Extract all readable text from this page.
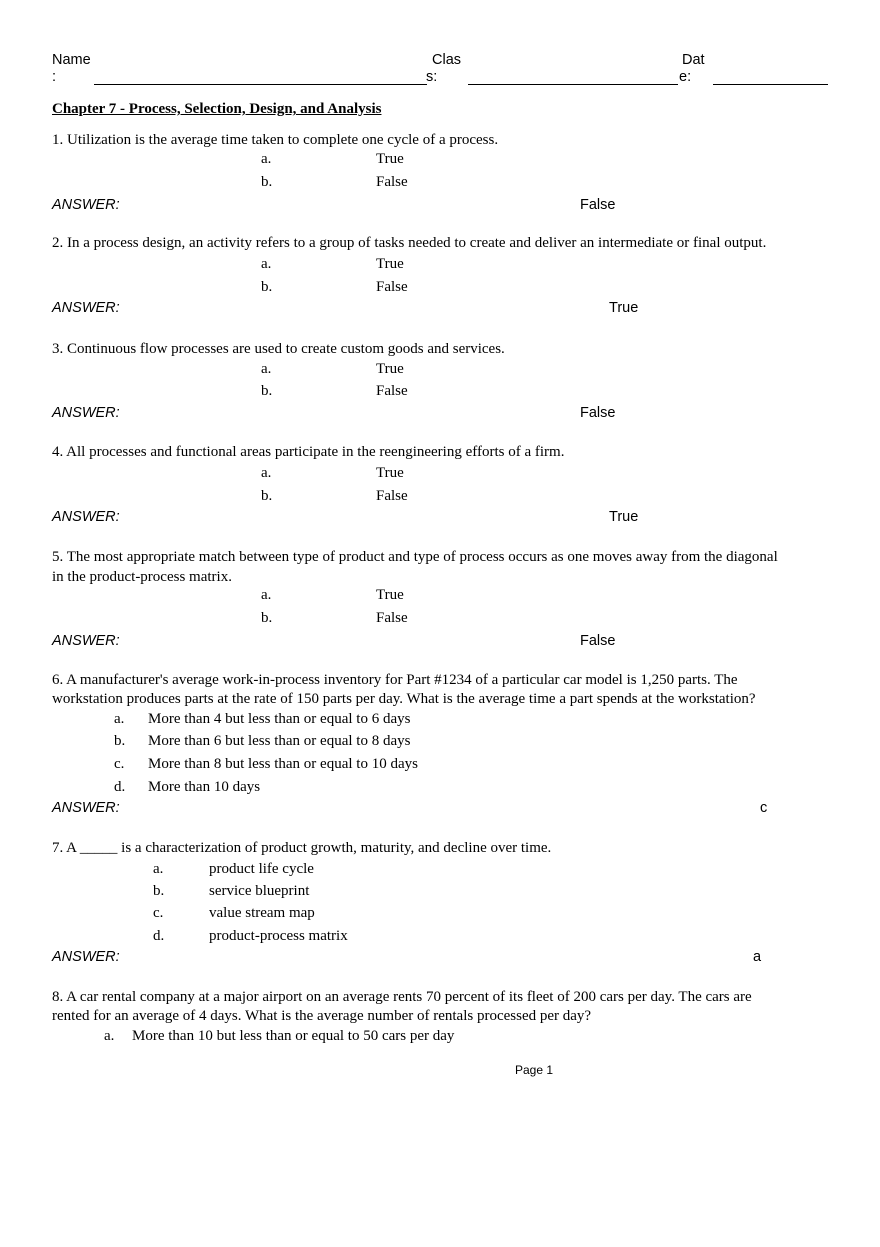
Name
:
Clas
s:
Dat
e:
Chapter 7 - Process, Selection, Design, and Analysis
1. Utilization is the average time taken to complete one cycle of a process.
a.	True
b.	False
ANSWER:	False
2. In a process design, an activity refers to a group of tasks needed to create and deliver an intermediate or final output.
a.	True
b.	False
ANSWER:	True
3. Continuous flow processes are used to create custom goods and services.
a.	True
b.	False
ANSWER:	False
4. All processes and functional areas participate in the reengineering efforts of a firm.
a.	True
b.	False
ANSWER:	True
5. The most appropriate match between type of product and type of process occurs as one moves away from the diagonal
in the product-process matrix.
a.	True
b.	False
ANSWER:	False
6. A manufacturer's average work-in-process inventory for Part #1234 of a particular car model is 1,250 parts. The
workstation produces parts at the rate of 150 parts per day. What is the average time a part spends at the workstation?
a. More than 4 but less than or equal to 6 days
b. More than 6 but less than or equal to 8 days
c. More than 8 but less than or equal to 10 days
d. More than 10 days
ANSWER:	c
7. A _____ is a characterization of product growth, maturity, and decline over time.
a.	product life cycle
b.	service blueprint
c.	value stream map
d.	product-process matrix
ANSWER:	a
8. A car rental company at a major airport on an average rents 70 percent of its fleet of 200 cars per day. The cars are
rented for an average of 4 days. What is the average number of rentals processed per day?
a. More than 10 but less than or equal to 50 cars per day
Page 1
